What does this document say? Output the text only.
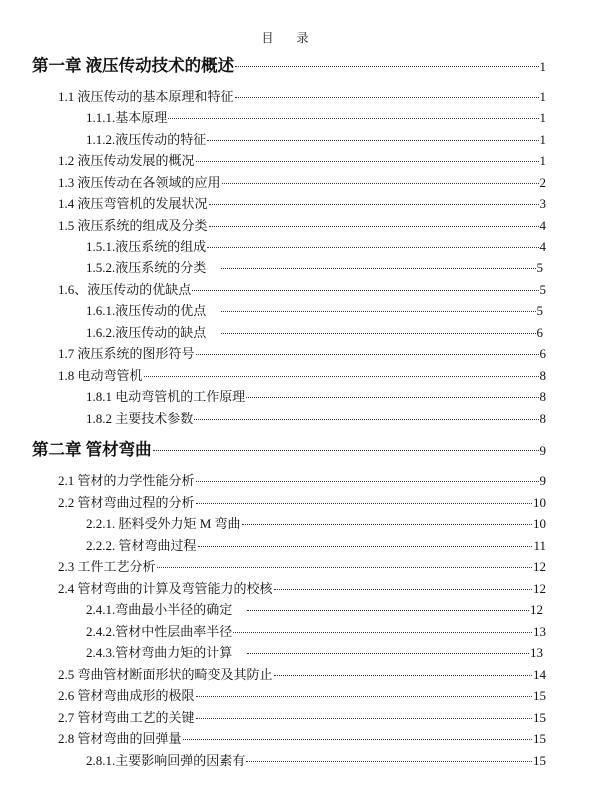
目 录
第一章 液压传动技术的概述	1
1.1 液压传动的基本原理和特征	1
1.1.1.基本原理	1
1.1.2.液压传动的特征	1
1.2 液压传动发展的概况	1
1.3 液压传动在各领域的应用	2
1.4 液压弯管机的发展状况	3
1.5 液压系统的组成及分类	4
1.5.1.液压系统的组成	4
1.5.2.液压系统的分类	5
1.6、液压传动的优缺点	5
1.6.1.液压传动的优点	5
1.6.2.液压传动的缺点	6
1.7 液压系统的图形符号	6
1.8 电动弯管机	8
1.8.1 电动弯管机的工作原理	8
1.8.2 主要技术参数	8
第二章 管材弯曲	9
2.1 管材的力学性能分析	9
2.2 管材弯曲过程的分析	10
2.2.1. 胚料受外力矩 M 弯曲	10
2.2.2. 管材弯曲过程	11
2.3 工件工艺分析	12
2.4 管材弯曲的计算及弯管能力的校核	12
2.4.1.弯曲最小半径的确定	12
2.4.2.管材中性层曲率半径	13
2.4.3.管材弯曲力矩的计算	13
2.5 弯曲管材断面形状的畸变及其防止	14
2.6 管材弯曲成形的极限	15
2.7 管材弯曲工艺的关键	15
2.8 管材弯曲的回弹量	15
2.8.1.主要影响回弹的因素有	15
